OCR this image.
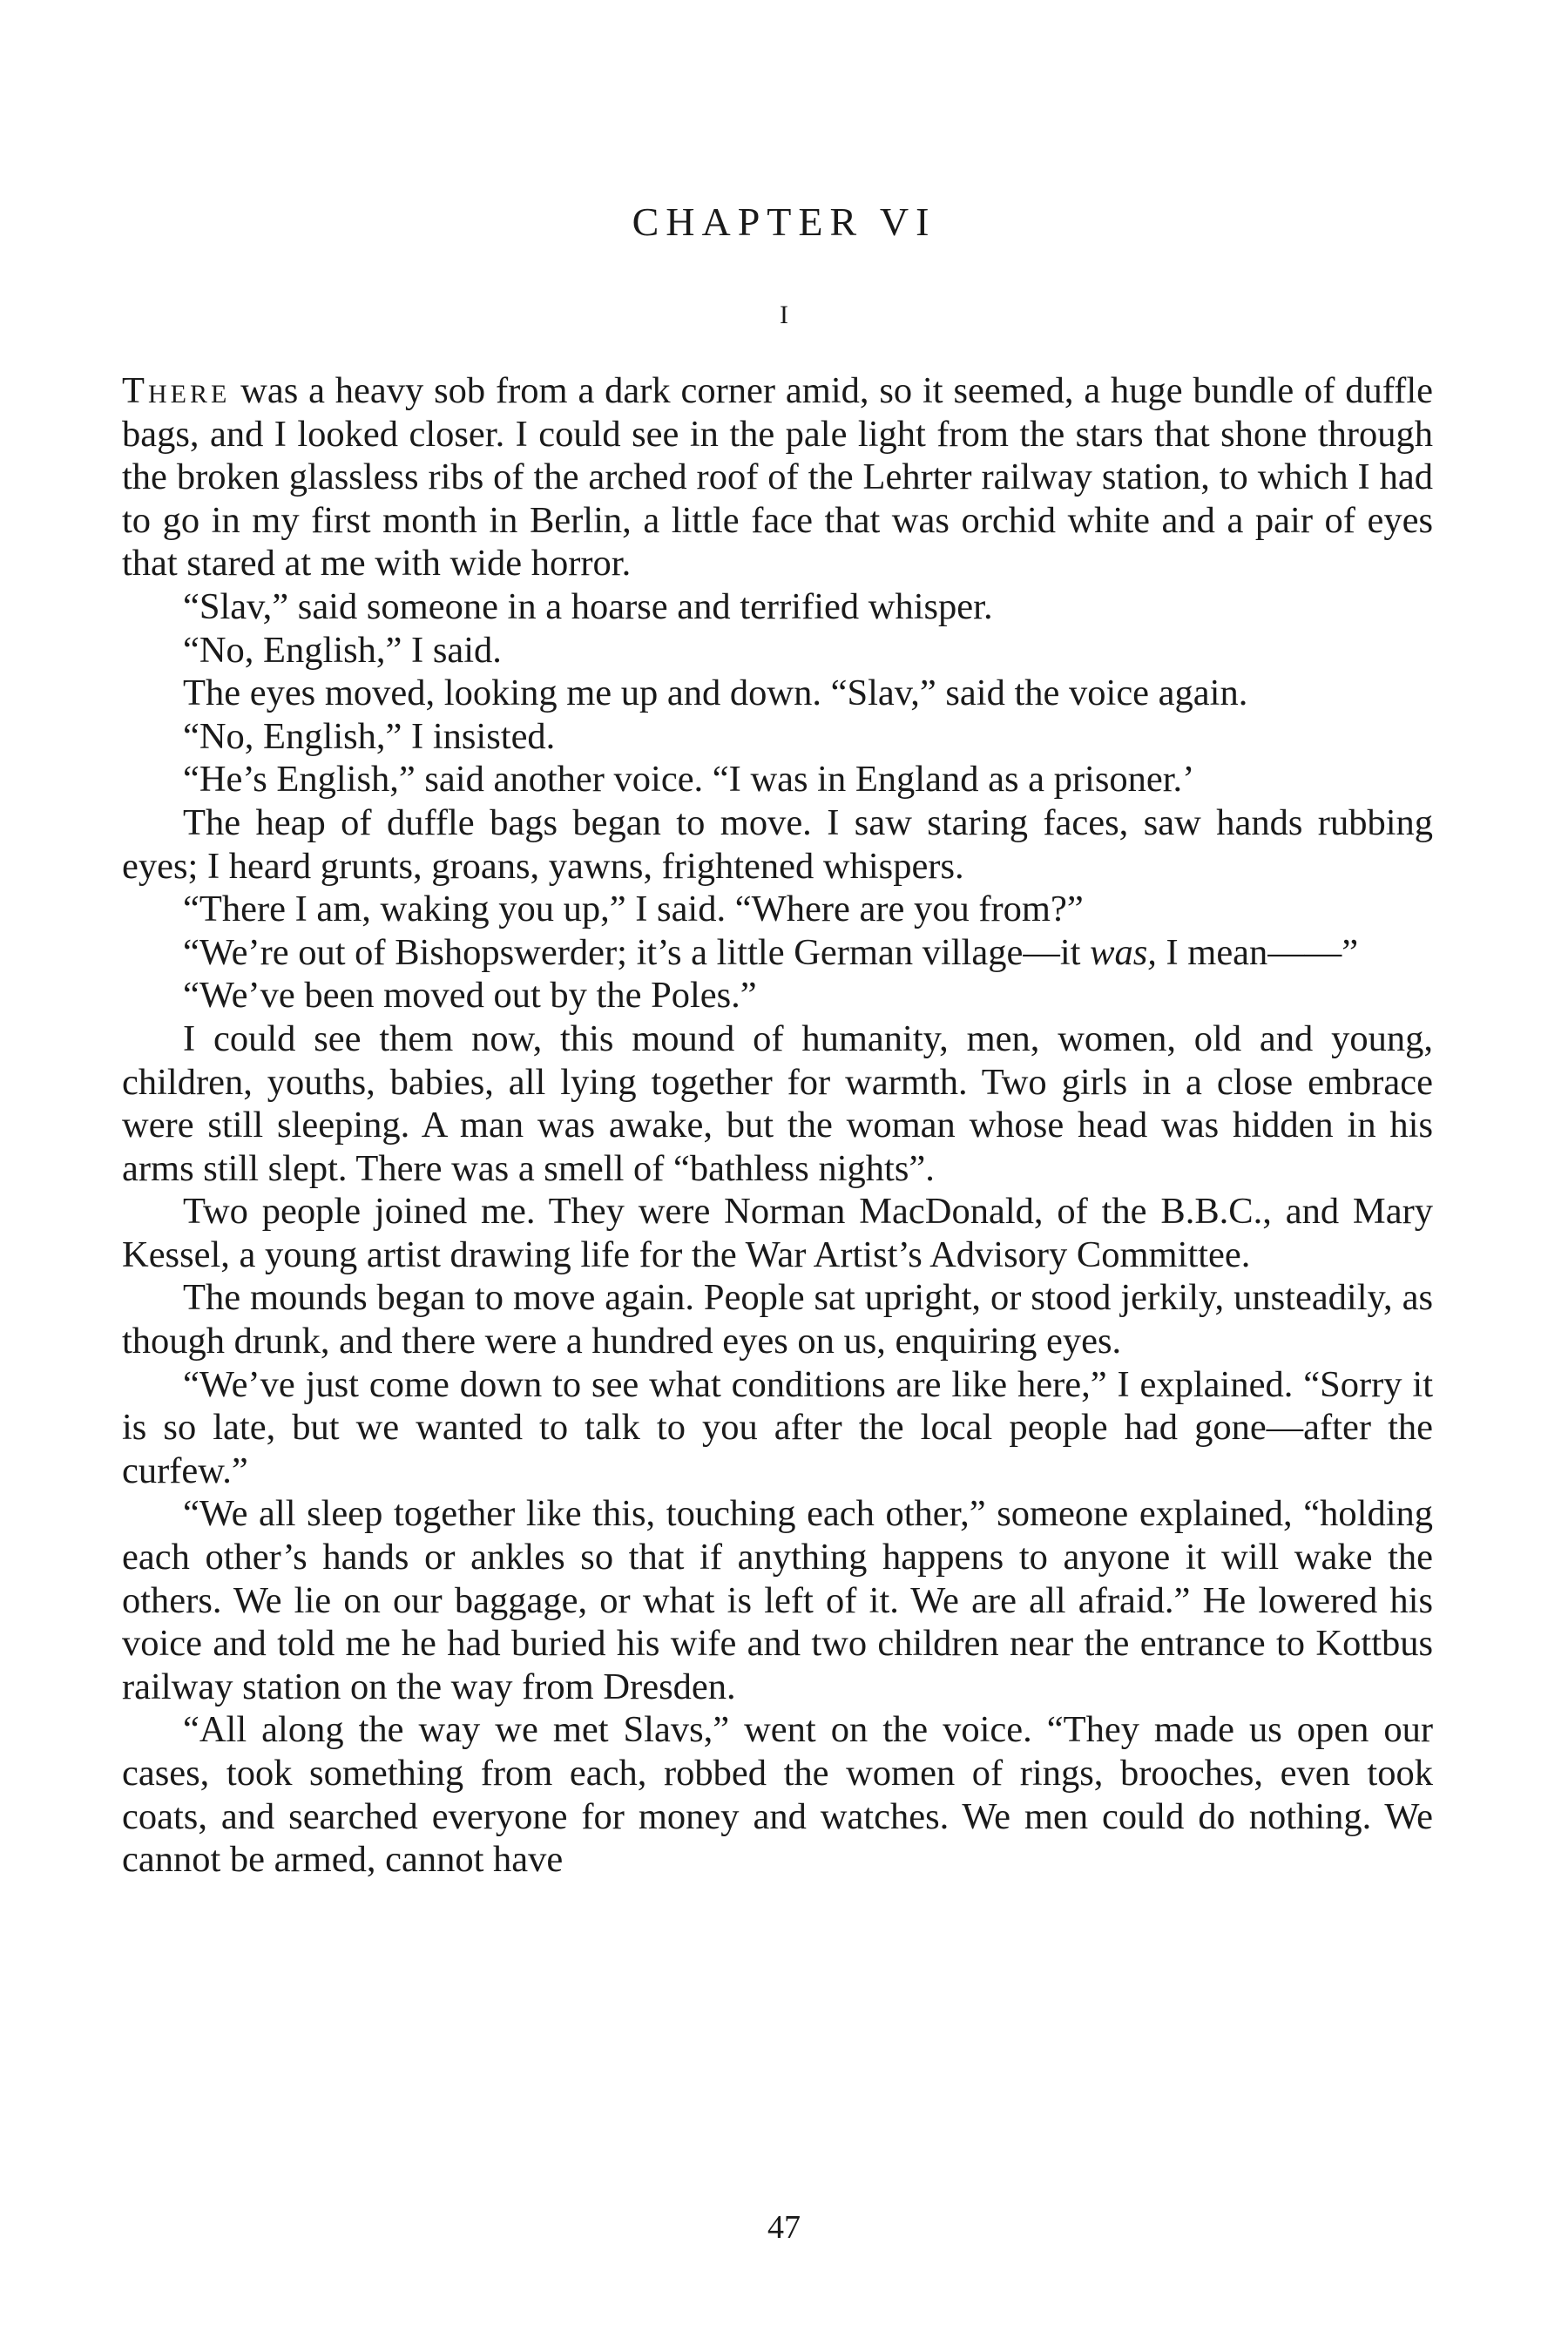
CHAPTER VI
I

There was a heavy sob from a dark corner amid, so it seemed, a huge bundle of duffle bags, and I looked closer. I could see in the pale light from the stars that shone through the broken glassless ribs of the arched roof of the Lehrter railway station, to which I had to go in my first month in Berlin, a little face that was orchid white and a pair of eyes that stared at me with wide horror.

“Slav,” said someone in a hoarse and terrified whisper.

“No, English,” I said.

The eyes moved, looking me up and down. “Slav,” said the voice again.

“No, English,” I insisted.

“He’s English,” said another voice. “I was in England as a prisoner.’

The heap of duffle bags began to move. I saw staring faces, saw hands rubbing eyes; I heard grunts, groans, yawns, frightened whispers.

“There I am, waking you up,” I said. “Where are you from?”

“We’re out of Bishopswerder; it’s a little German village—it was, I mean——”

“We’ve been moved out by the Poles.”

I could see them now, this mound of humanity, men, women, old and young, children, youths, babies, all lying together for warmth. Two girls in a close embrace were still sleeping. A man was awake, but the woman whose head was hidden in his arms still slept. There was a smell of “bathless nights”.

Two people joined me. They were Norman MacDonald, of the B.B.C., and Mary Kessel, a young artist drawing life for the War Artist’s Advisory Committee.

The mounds began to move again. People sat upright, or stood jerkily, unsteadily, as though drunk, and there were a hundred eyes on us, enquiring eyes.

“We’ve just come down to see what conditions are like here,” I explained. “Sorry it is so late, but we wanted to talk to you after the local people had gone—after the curfew.”

“We all sleep together like this, touching each other,” someone explained, “holding each other’s hands or ankles so that if anything happens to anyone it will wake the others. We lie on our baggage, or what is left of it. We are all afraid.” He lowered his voice and told me he had buried his wife and two children near the entrance to Kottbus railway station on the way from Dresden.

“All along the way we met Slavs,” went on the voice. “They made us open our cases, took something from each, robbed the women of rings, brooches, even took coats, and searched everyone for money and watches. We men could do nothing. We cannot be armed, cannot have

47
